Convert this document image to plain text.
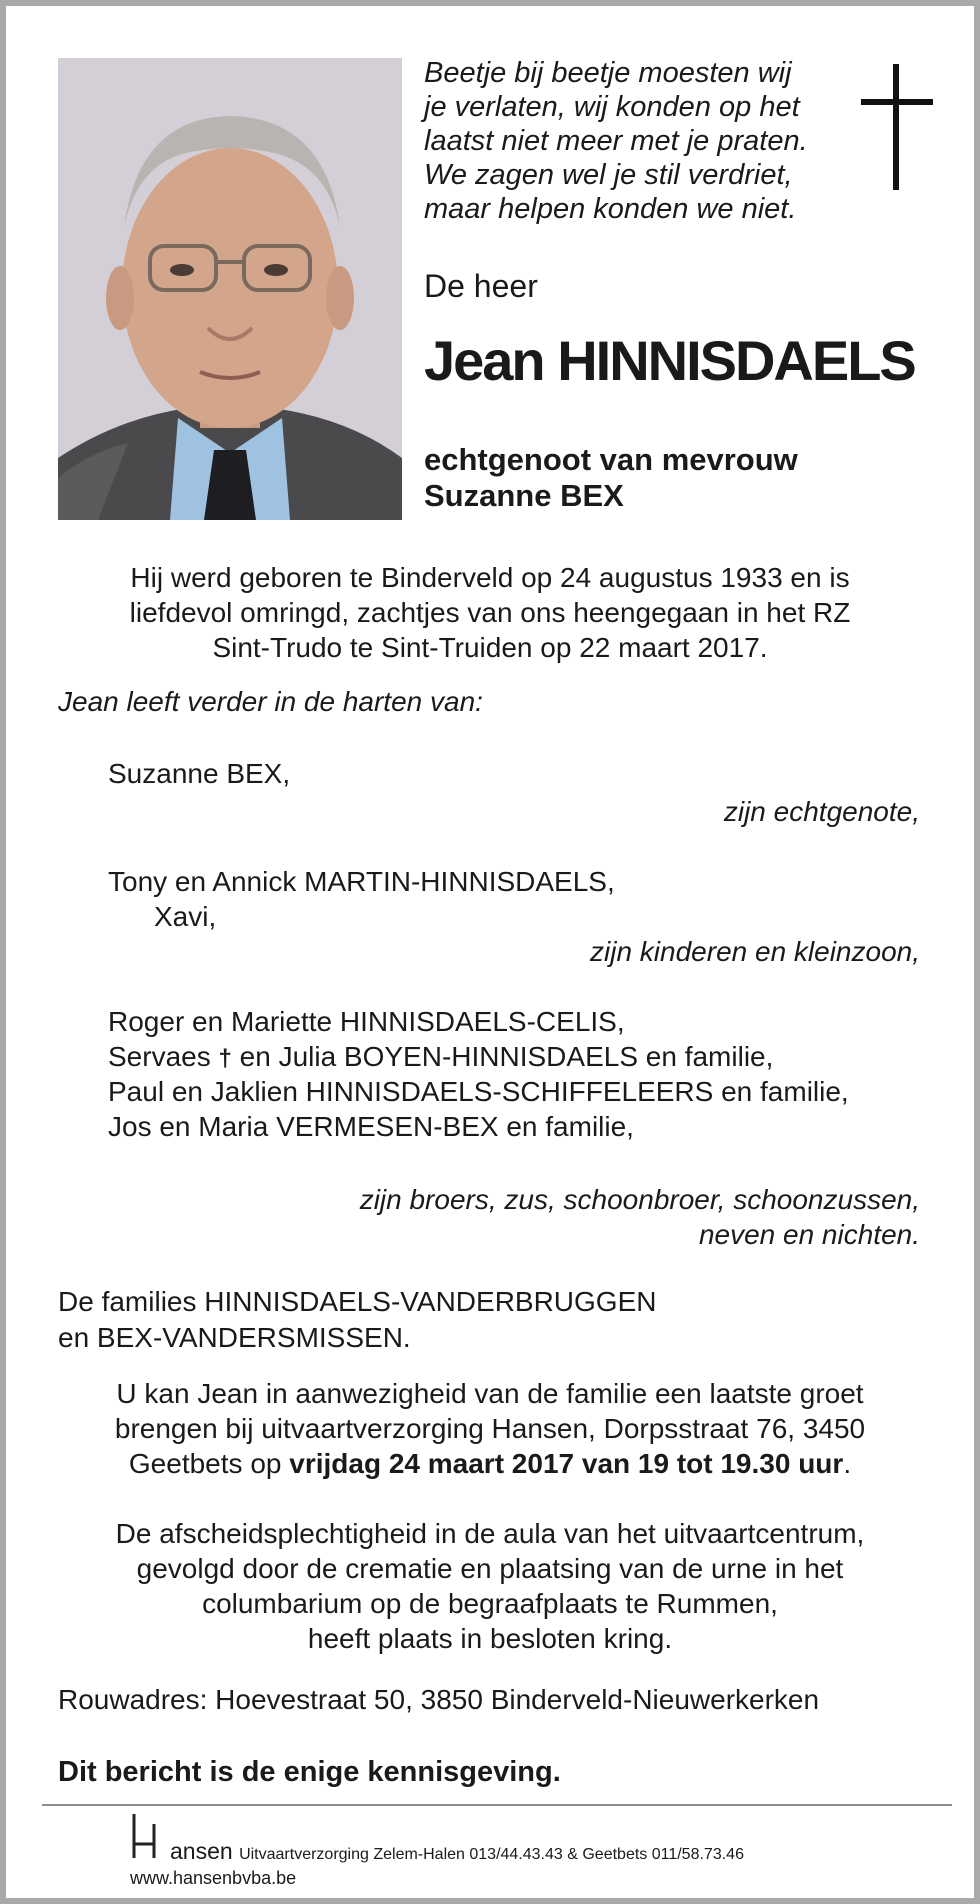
Beetje bij beetje moesten wij
je verlaten, wij konden op het
laatst niet meer met je praten.
We zagen wel je stil verdriet,
maar helpen konden we niet.
De heer
Jean HINNISDAELS
echtgenoot van mevrouw
Suzanne BEX
Hij werd geboren te Binderveld op 24 augustus 1933 en is
liefdevol omringd, zachtjes van ons heengegaan in het RZ
Sint-Trudo te Sint-Truiden op 22 maart 2017.
Jean leeft verder in de harten van:
Suzanne BEX,
zijn echtgenote,
Tony en Annick MARTIN-HINNISDAELS,
Xavi,
zijn kinderen en kleinzoon,
Roger en Mariette HINNISDAELS-CELIS,
Servaes † en Julia BOYEN-HINNISDAELS en familie,
Paul en Jaklien HINNISDAELS-SCHIFFELEERS en familie,
Jos en Maria VERMESEN-BEX en familie,
zijn broers, zus, schoonbroer, schoonzussen,
neven en nichten.
De families HINNISDAELS-VANDERBRUGGEN
en BEX-VANDERSMISSEN.
U kan Jean in aanwezigheid van de familie een laatste groet
brengen bij uitvaartverzorging Hansen, Dorpsstraat 76, 3450
Geetbets op vrijdag 24 maart 2017 van 19 tot 19.30 uur.
De afscheidsplechtigheid in de aula van het uitvaartcentrum,
gevolgd door de crematie en plaatsing van de urne in het
columbarium op de begraafplaats te Rummen,
heeft plaats in besloten kring.
Rouwadres: Hoevestraat 50, 3850 Binderveld-Nieuwerkerken
Dit bericht is de enige kennisgeving.
ansen Uitvaartverzorging Zelem-Halen 013/44.43.43 & Geetbets 011/58.73.46
www.hansenbvba.be
